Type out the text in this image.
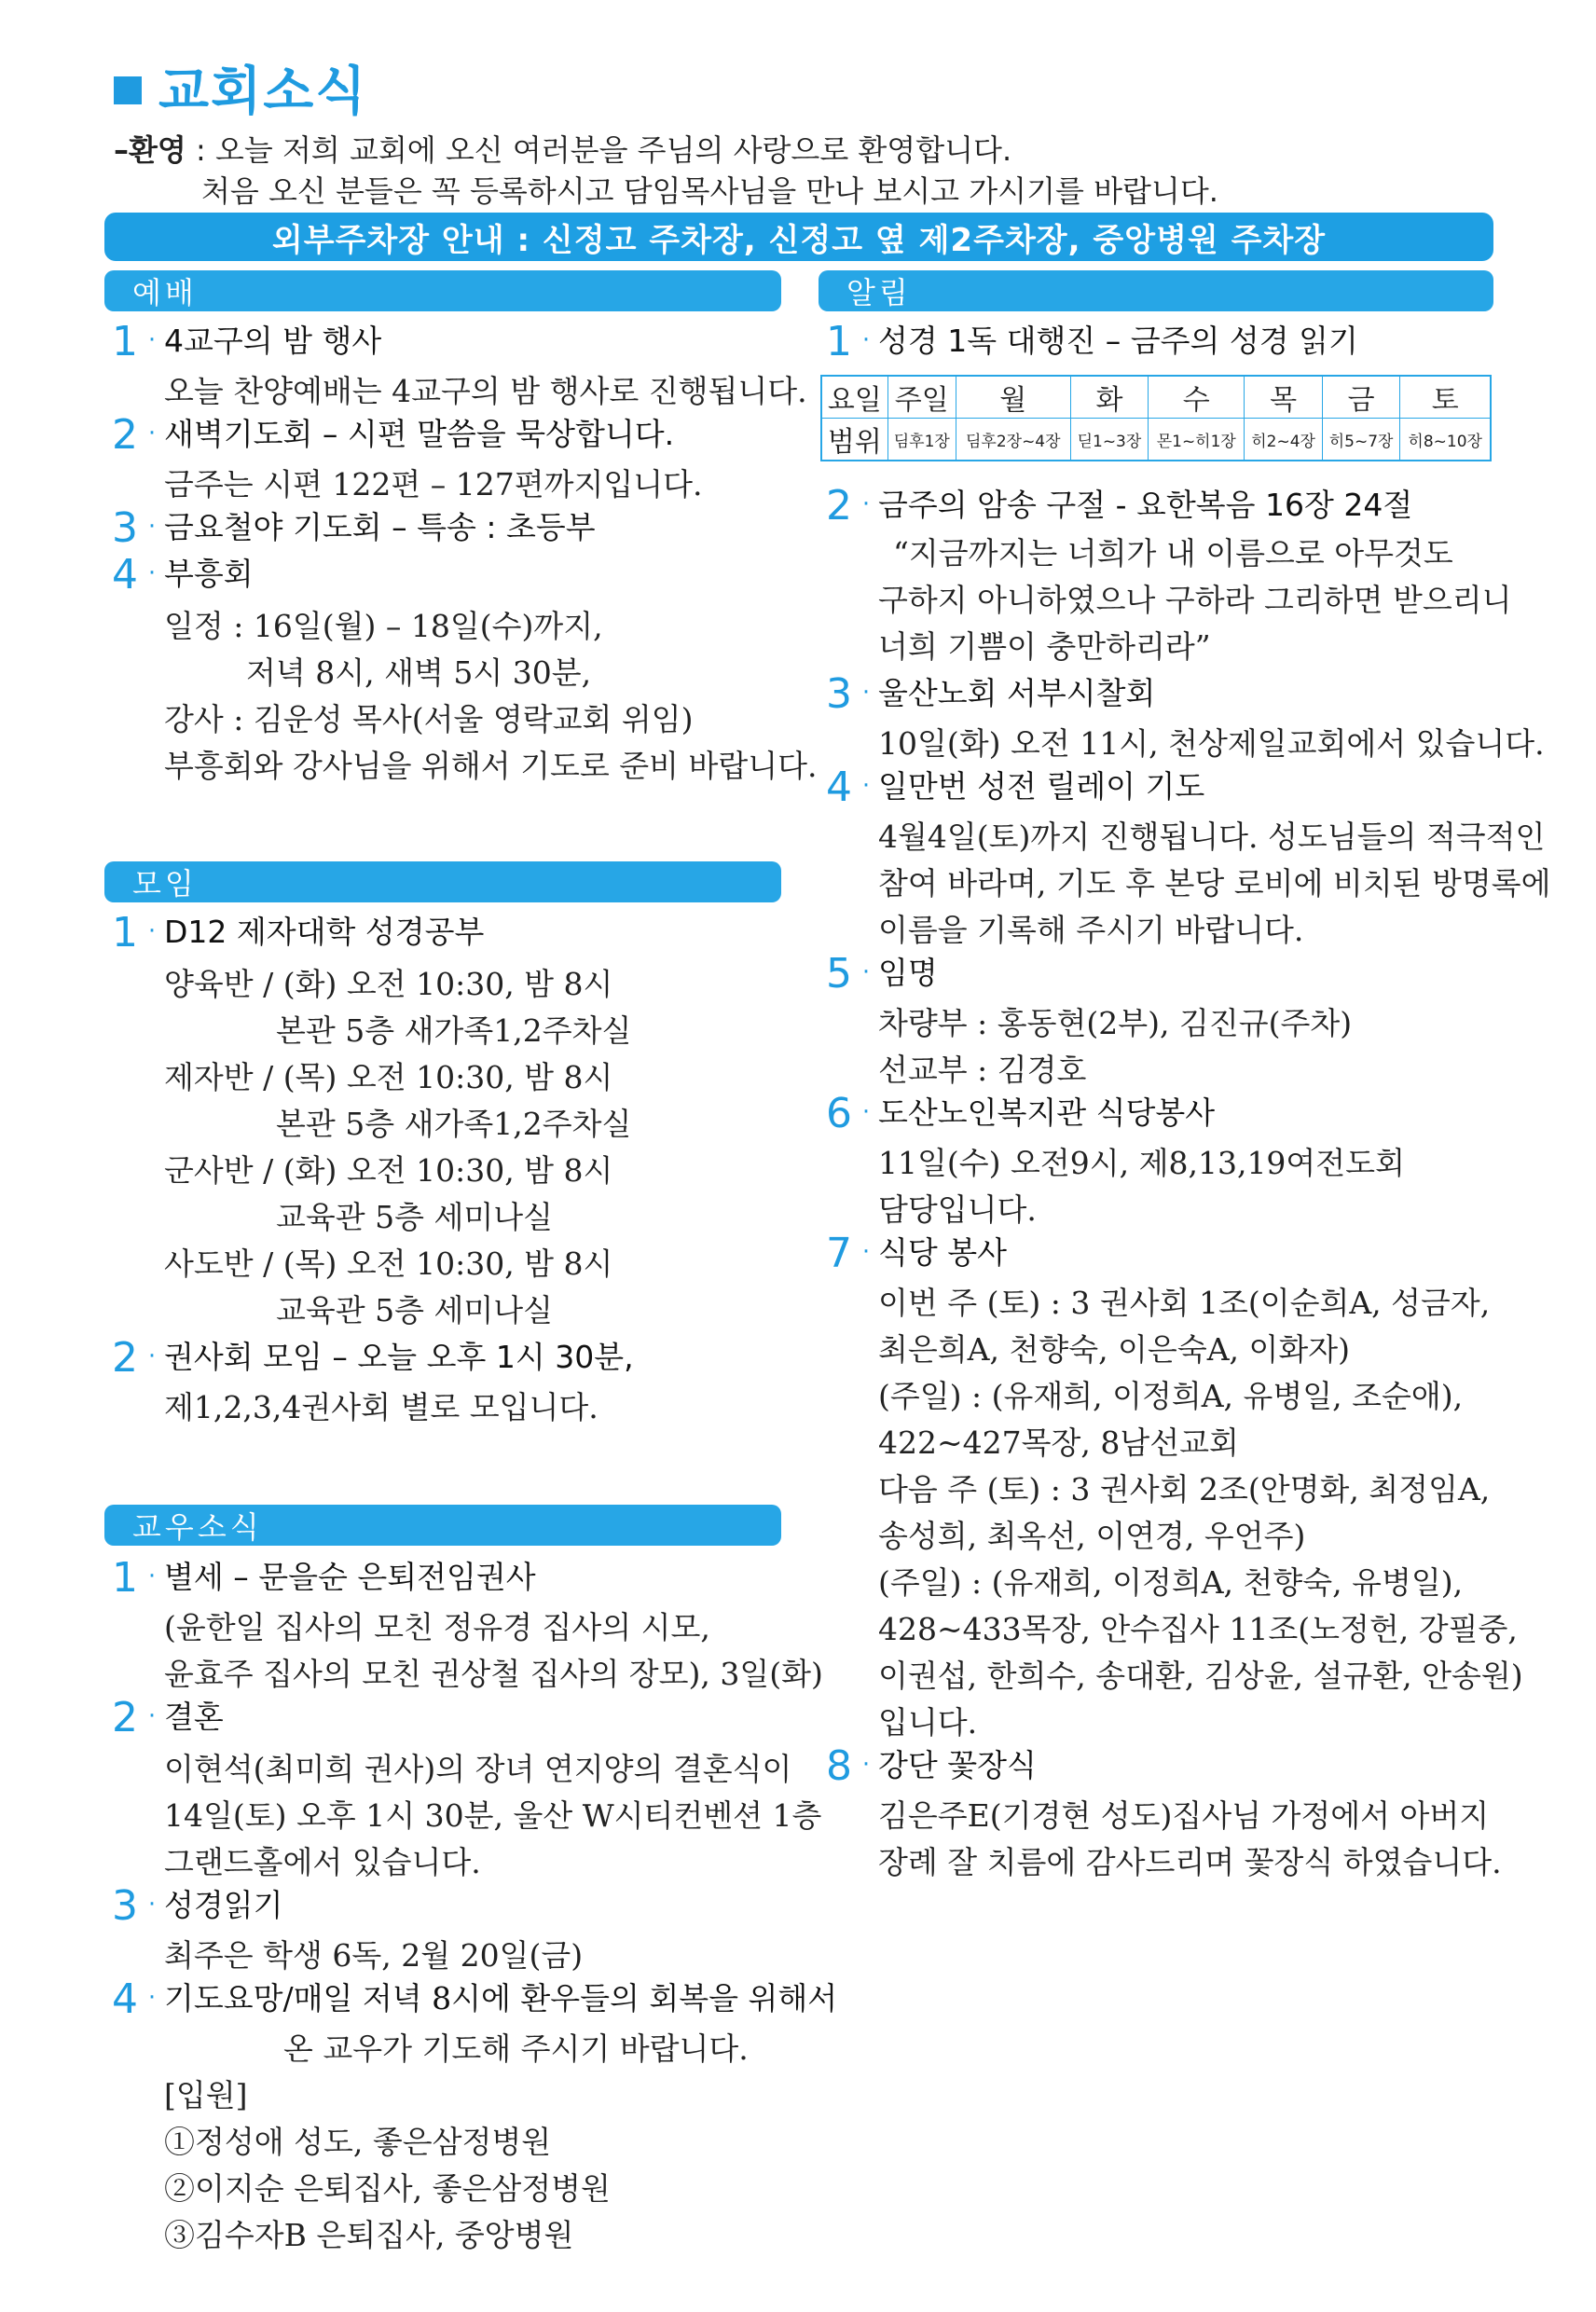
교회소식
–환영 : 오늘 저희 교회에 오신 여러분을 주님의 사랑으로 환영합니다.
처음 오신 분들은 꼭 등록하시고 담임목사님을 만나 보시고 가시기를 바랍니다.
외부주차장 안내 : 신정고 주차장, 신정고 옆 제2주차장, 중앙병원 주차장
예배	알림
모임
교우소식
1 · 4교구의 밤 행사
오늘 찬양예배는 4교구의 밤 행사로 진행됩니다.
2 · 새벽기도회 – 시편 말씀을 묵상합니다.
금주는 시편 122편 – 127편까지입니다.
3 · 금요철야 기도회 – 특송 : 초등부
4 · 부흥회
일정 : 16일(월) – 18일(수)까지,
저녁 8시, 새벽 5시 30분,
강사 : 김운성 목사(서울 영락교회 위임)
부흥회와 강사님을 위해서 기도로 준비 바랍니다.
1 · D12 제자대학 성경공부
양육반 / (화) 오전 10:30, 밤 8시
본관 5층 새가족1,2주차실
제자반 / (목) 오전 10:30, 밤 8시
본관 5층 새가족1,2주차실
군사반 / (화) 오전 10:30, 밤 8시
교육관 5층 세미나실
사도반 / (목) 오전 10:30, 밤 8시
교육관 5층 세미나실
2 · 권사회 모임 – 오늘 오후 1시 30분,
제1,2,3,4권사회 별로 모입니다.
1 · 별세 – 문을순 은퇴전임권사
(윤한일 집사의 모친 정유경 집사의 시모,
윤효주 집사의 모친 권상철 집사의 장모), 3일(화)
2 · 결혼
이현석(최미희 권사)의 장녀 연지양의 결혼식이
14일(토) 오후 1시 30분, 울산 W시티컨벤션 1층
그랜드홀에서 있습니다.
3 · 성경읽기
최주은 학생 6독, 2월 20일(금)
4 · 기도요망/매일 저녁 8시에 환우들의 회복을 위해서
온 교우가 기도해 주시기 바랍니다.
[입원]
①정성애 성도, 좋은삼정병원
②이지순 은퇴집사, 좋은삼정병원
③김수자B 은퇴집사, 중앙병원
1 · 성경 1독 대행진 – 금주의 성경 읽기
요일	주일	월	화	수	목	금	토
범위	딤후1장	딤후2장~4장	딛1~3장	몬1~히1장	히2~4장	히5~7장	히8~10장
2 · 금주의 암송 구절 - 요한복음 16장 24절
“지금까지는 너희가 내 이름으로 아무것도
구하지 아니하였으나 구하라 그리하면 받으리니
너희 기쁨이 충만하리라”
3 · 울산노회 서부시찰회
10일(화) 오전 11시, 천상제일교회에서 있습니다.
4 · 일만번 성전 릴레이 기도
4월4일(토)까지 진행됩니다. 성도님들의 적극적인
참여 바라며, 기도 후 본당 로비에 비치된 방명록에
이름을 기록해 주시기 바랍니다.
5 · 임명
차량부 : 홍동현(2부), 김진규(주차)
선교부 : 김경호
6 · 도산노인복지관 식당봉사
11일(수) 오전9시, 제8,13,19여전도회
담당입니다.
7 · 식당 봉사
이번 주 (토) : 3 권사회 1조(이순희A, 성금자,
최은희A, 천향숙, 이은숙A, 이화자)
(주일) : (유재희, 이정희A, 유병일, 조순애),
422~427목장, 8남선교회
다음 주 (토) : 3 권사회 2조(안명화, 최정임A,
송성희, 최옥선, 이연경, 우언주)
(주일) : (유재희, 이정희A, 천향숙, 유병일),
428~433목장, 안수집사 11조(노정헌, 강필중,
이권섭, 한희수, 송대환, 김상윤, 설규환, 안송원)
입니다.
8 · 강단 꽃장식
김은주E(기경현 성도)집사님 가정에서 아버지
장례 잘 치름에 감사드리며 꽃장식 하였습니다.
